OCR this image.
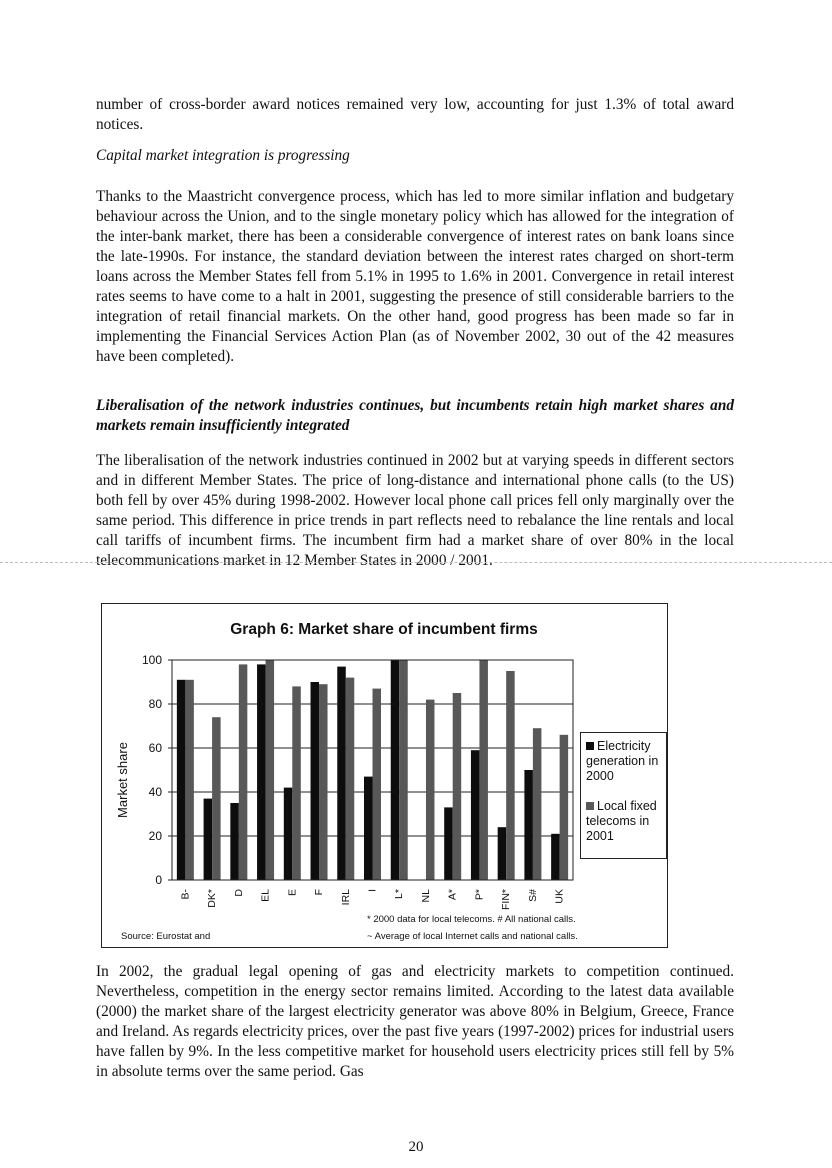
number of cross-border award notices remained very low, accounting for just 1.3% of total award notices.

Capital market integration is progressing

Thanks to the Maastricht convergence process, which has led to more similar inflation and budgetary behaviour across the Union, and to the single monetary policy which has allowed for the integration of the inter-bank market, there has been a considerable convergence of interest rates on bank loans since the late-1990s. For instance, the standard deviation between the interest rates charged on short-term loans across the Member States fell from 5.1% in 1995 to 1.6% in 2001. Convergence in retail interest rates seems to have come to a halt in 2001, suggesting the presence of still considerable barriers to the integration of retail financial markets. On the other hand, good progress has been made so far in implementing the Financial Services Action Plan (as of November 2002, 30 out of the 42 measures have been completed).

Liberalisation of the network industries continues, but incumbents retain high market shares and markets remain insufficiently integrated

The liberalisation of the network industries continued in 2002 but at varying speeds in different sectors and in different Member States. The price of long-distance and international phone calls (to the US) both fell by over 45% during 1998-2002. However local phone call prices fell only marginally over the same period. This difference in price trends in part reflects need to rebalance the line rentals and local call tariffs of incumbent firms. The incumbent firm had a market share of over 80% in the local telecommunications market in 12 Member States in 2000 / 2001.

Graph 6: Market share of incumbent firms
Market share
0
20
40
60
80
100
B- DK* D EL E F IRL I L* NL A* P* FIN* S# UK
* 2000 data for local telecoms. # All national calls.
~ Average of local Internet calls and national calls.
Source: Eurostat and
Electricity generation in 2000
Local fixed telecoms in 2001

In 2002, the gradual legal opening of gas and electricity markets to competition continued. Nevertheless, competition in the energy sector remains limited. According to the latest data available (2000) the market share of the largest electricity generator was above 80% in Belgium, Greece, France and Ireland. As regards electricity prices, over the past five years (1997-2002) prices for industrial users have fallen by 9%. In the less competitive market for household users electricity prices still fell by 5% in absolute terms over the same period. Gas

20
